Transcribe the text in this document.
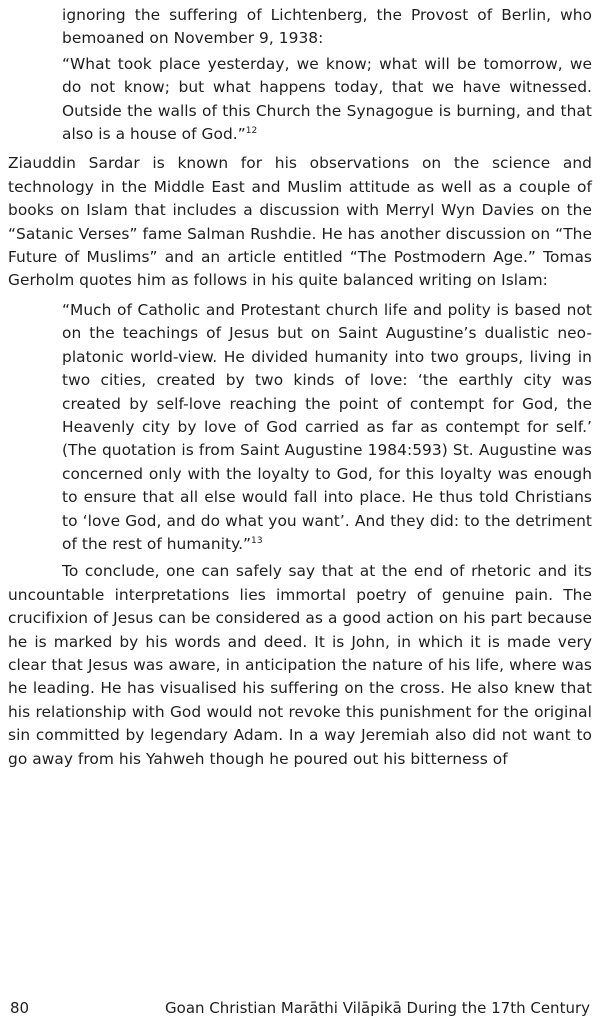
ignoring the suffering of Lichtenberg, the Provost of Berlin, who bemoaned on November 9, 1938:

“What took place yesterday, we know; what will be tomorrow, we do not know; but what happens today, that we have witnessed. Outside the walls of this Church the Synagogue is burning, and that also is a house of God.”$^{12}$

Ziauddin Sardar is known for his observations on the science and technology in the Middle East and Muslim attitude as well as a couple of books on Islam that includes a discussion with Merryl Wyn Davies on the “Satanic Verses” fame Salman Rushdie. He has another discussion on “The Future of Muslims” and an article entitled “The Postmodern Age.” Tomas Gerholm quotes him as follows in his quite balanced writing on Islam:

“Much of Catholic and Protestant church life and polity is based not on the teachings of Jesus but on Saint Augustine’s dualistic neo-platonic world-view. He divided humanity into two groups, living in two cities, created by two kinds of love: ‘the earthly city was created by self-love reaching the point of contempt for God, the Heavenly city by love of God carried as far as contempt for self.’ (The quotation is from Saint Augustine 1984:593) St. Augustine was concerned only with the loyalty to God, for this loyalty was enough to ensure that all else would fall into place. He thus told Christians to ‘love God, and do what you want’. And they did: to the detriment of the rest of humanity.”$^{13}$

To conclude, one can safely say that at the end of rhetoric and its uncountable interpretations lies immortal poetry of genuine pain. The crucifixion of Jesus can be considered as a good action on his part because he is marked by his words and deed. It is John, in which it is made very clear that Jesus was aware, in anticipation the nature of his life, where was he leading. He has visualised his suffering on the cross. He also knew that his relationship with God would not revoke this punishment for the original sin committed by legendary Adam. In a way Jeremiah also did not want to go away from his Yahweh though he poured out his bitterness of

80	Goan Christian Marāthi Vilāpikā During the 17th Century
